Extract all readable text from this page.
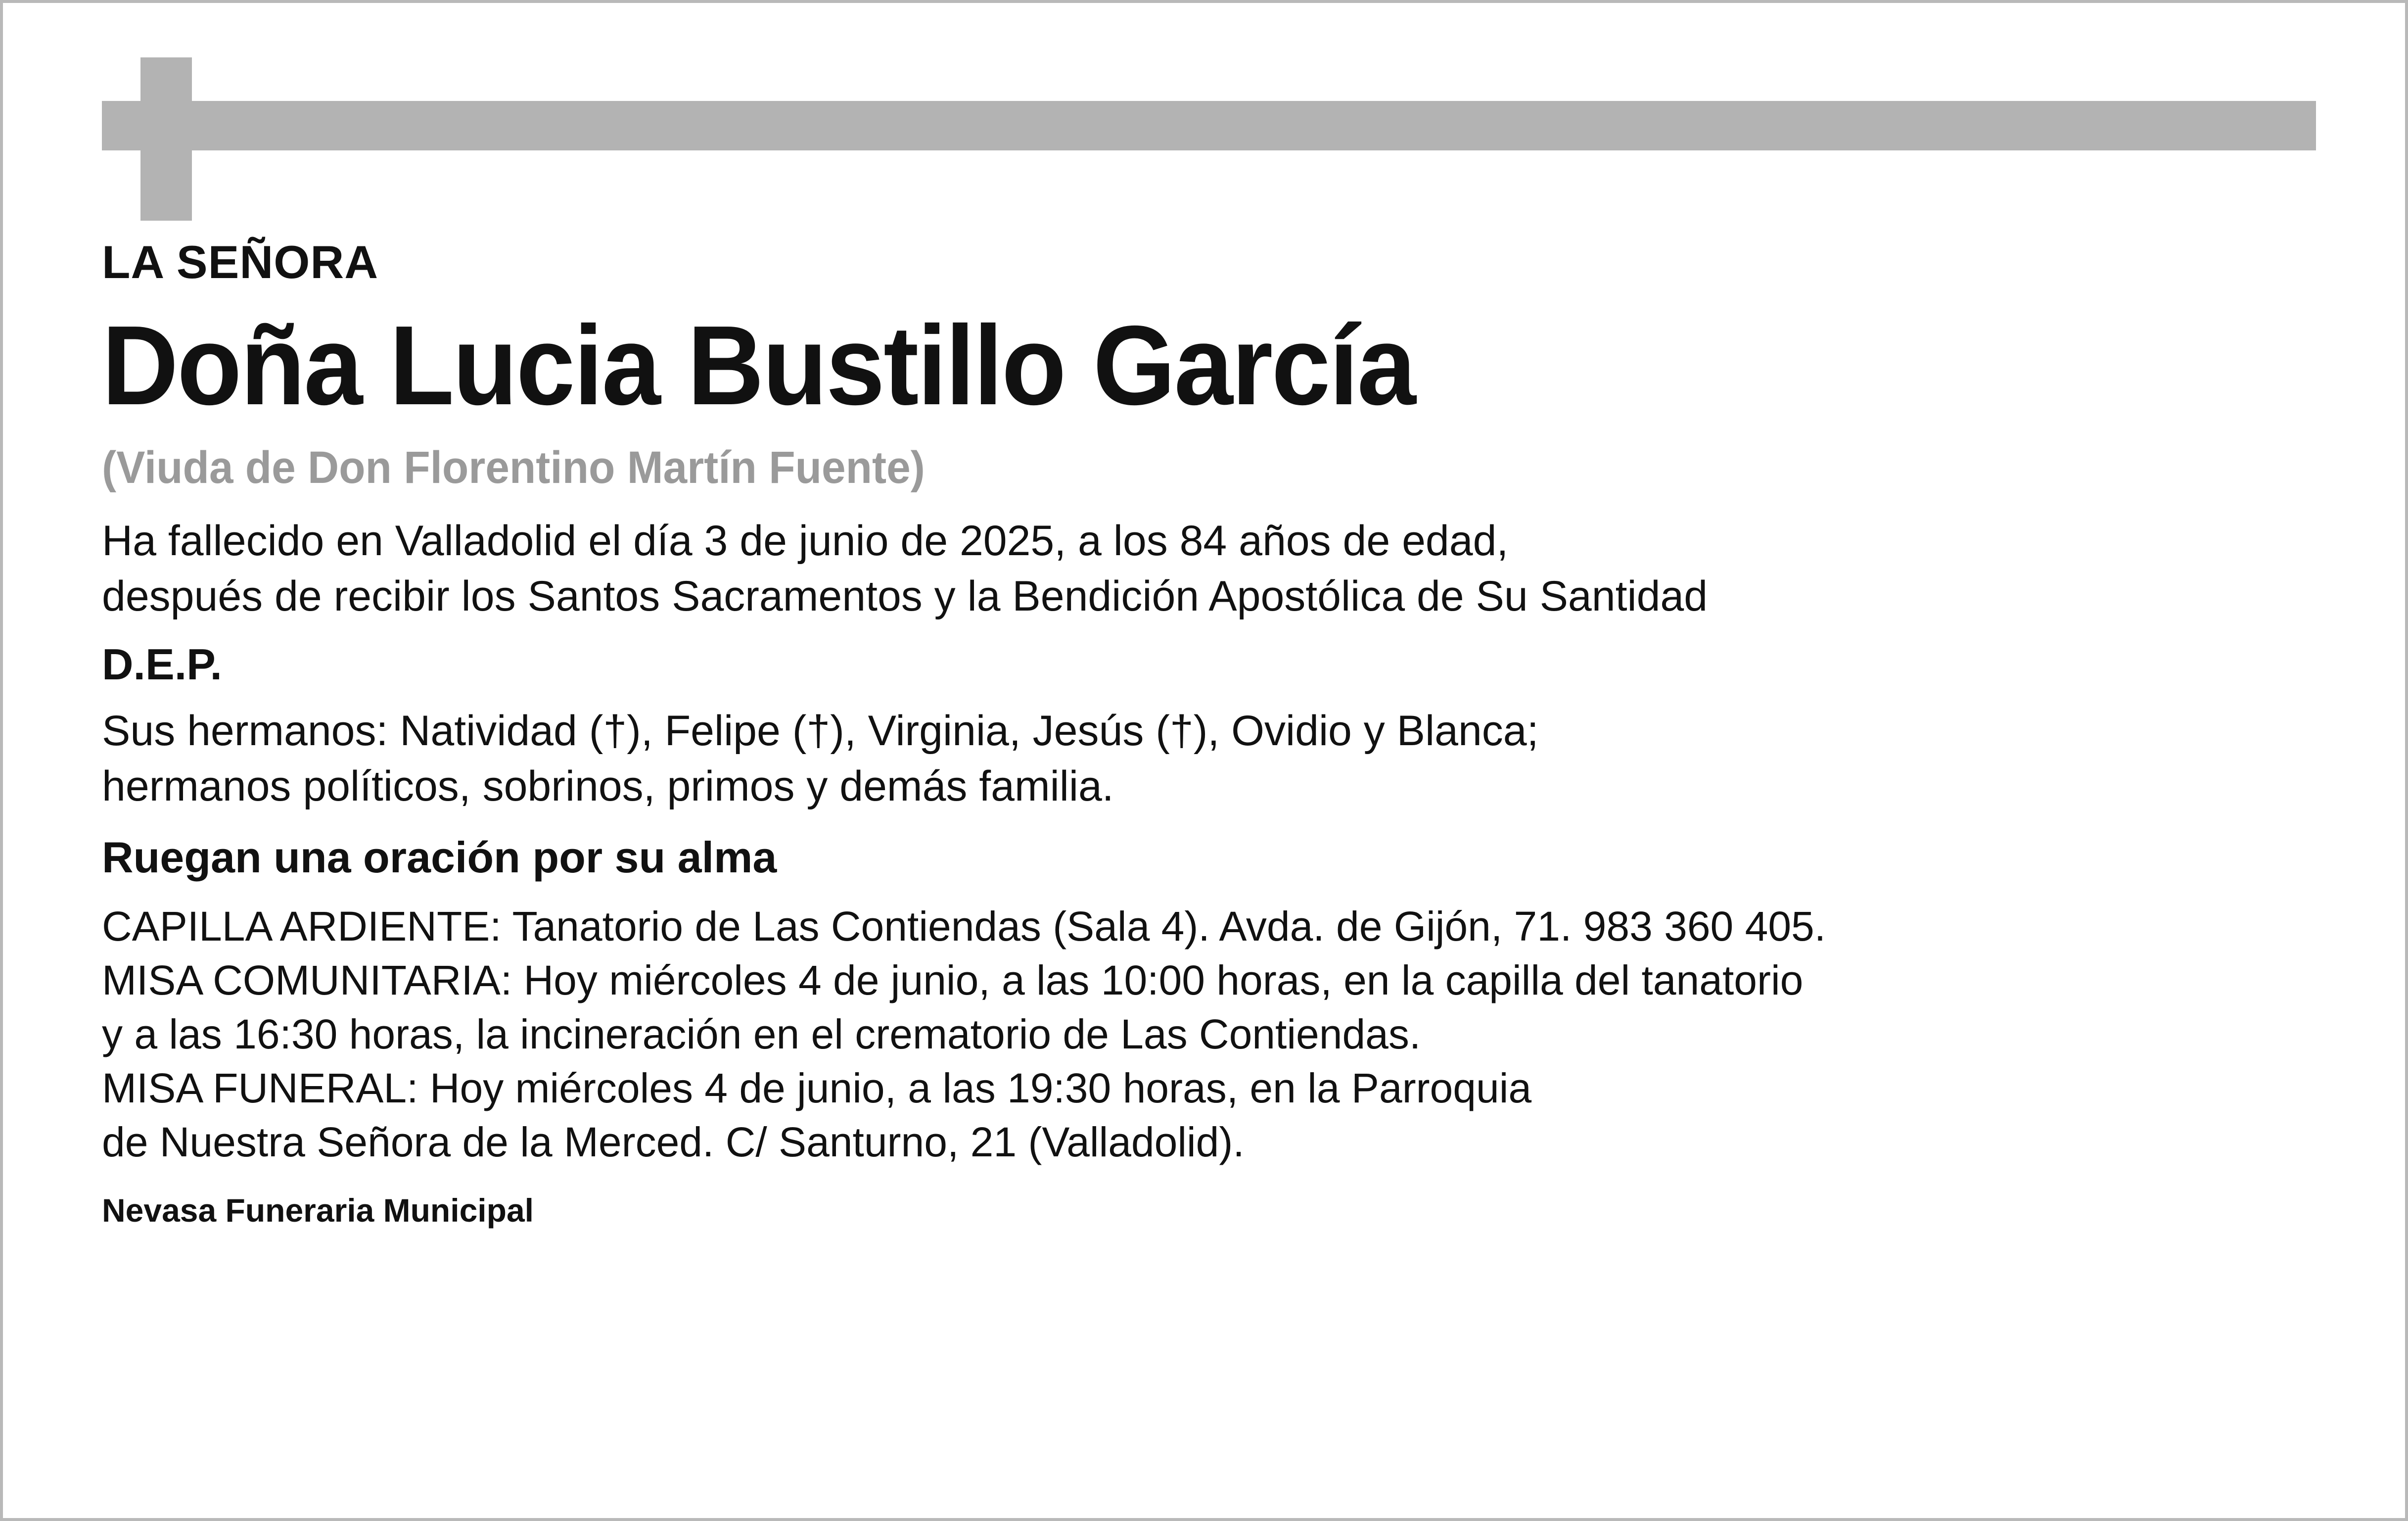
LA SEÑORA
Doña Lucia Bustillo García
(Viuda de Don Florentino Martín Fuente)
Ha fallecido en Valladolid el día 3 de junio de 2025, a los 84 años de edad,
después de recibir los Santos Sacramentos y la Bendición Apostólica de Su Santidad
D.E.P.
Sus hermanos: Natividad (†), Felipe (†), Virginia, Jesús (†), Ovidio y Blanca;
hermanos políticos, sobrinos, primos y demás familia.
Ruegan una oración por su alma
CAPILLA ARDIENTE: Tanatorio de Las Contiendas (Sala 4). Avda. de Gijón, 71. 983 360 405.
MISA COMUNITARIA: Hoy miércoles 4 de junio, a las 10:00 horas, en la capilla del tanatorio
y a las 16:30 horas, la incineración en el crematorio de Las Contiendas.
MISA FUNERAL: Hoy miércoles 4 de junio, a las 19:30 horas, en la Parroquia
de Nuestra Señora de la Merced. C/ Santurno, 21 (Valladolid).
Nevasa Funeraria Municipal
